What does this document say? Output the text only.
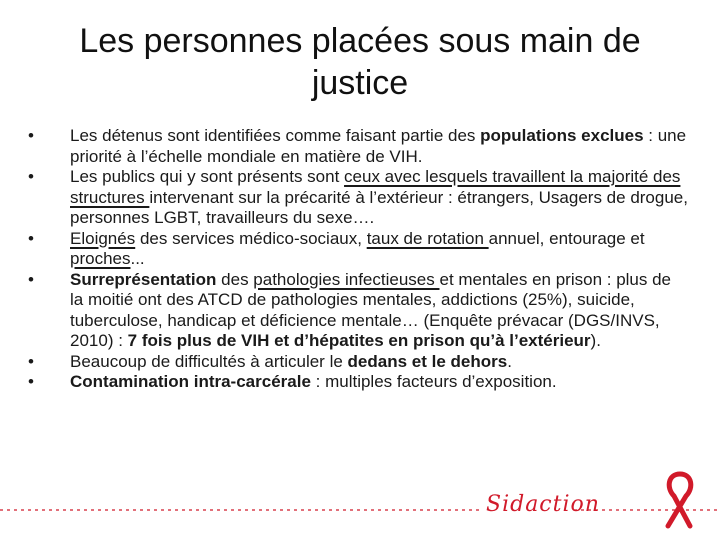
Les personnes placées sous main de justice
• Les détenus sont identifiées comme faisant partie des populations exclues : une priorité à l’échelle mondiale en matière de VIH.
• Les publics qui y sont présents sont ceux avec lesquels travaillent la majorité des structures intervenant sur la précarité à l’extérieur : étrangers, Usagers de drogue, personnes LGBT, travailleurs du sexe….
• Eloignés des services médico-sociaux, taux de rotation annuel, entourage et proches...
• Surreprésentation des pathologies infectieuses et mentales en prison : plus de la moitié ont des ATCD de pathologies mentales, addictions (25%), suicide, tuberculose, handicap et déficience mentale… (Enquête prévacar (DGS/INVS, 2010) : 7 fois plus de VIH et d’hépatites en prison qu’à l’extérieur).
• Beaucoup de difficultés à articuler le dedans et le dehors.
• Contamination intra-carcérale : multiples facteurs d’exposition.
Sidaction
